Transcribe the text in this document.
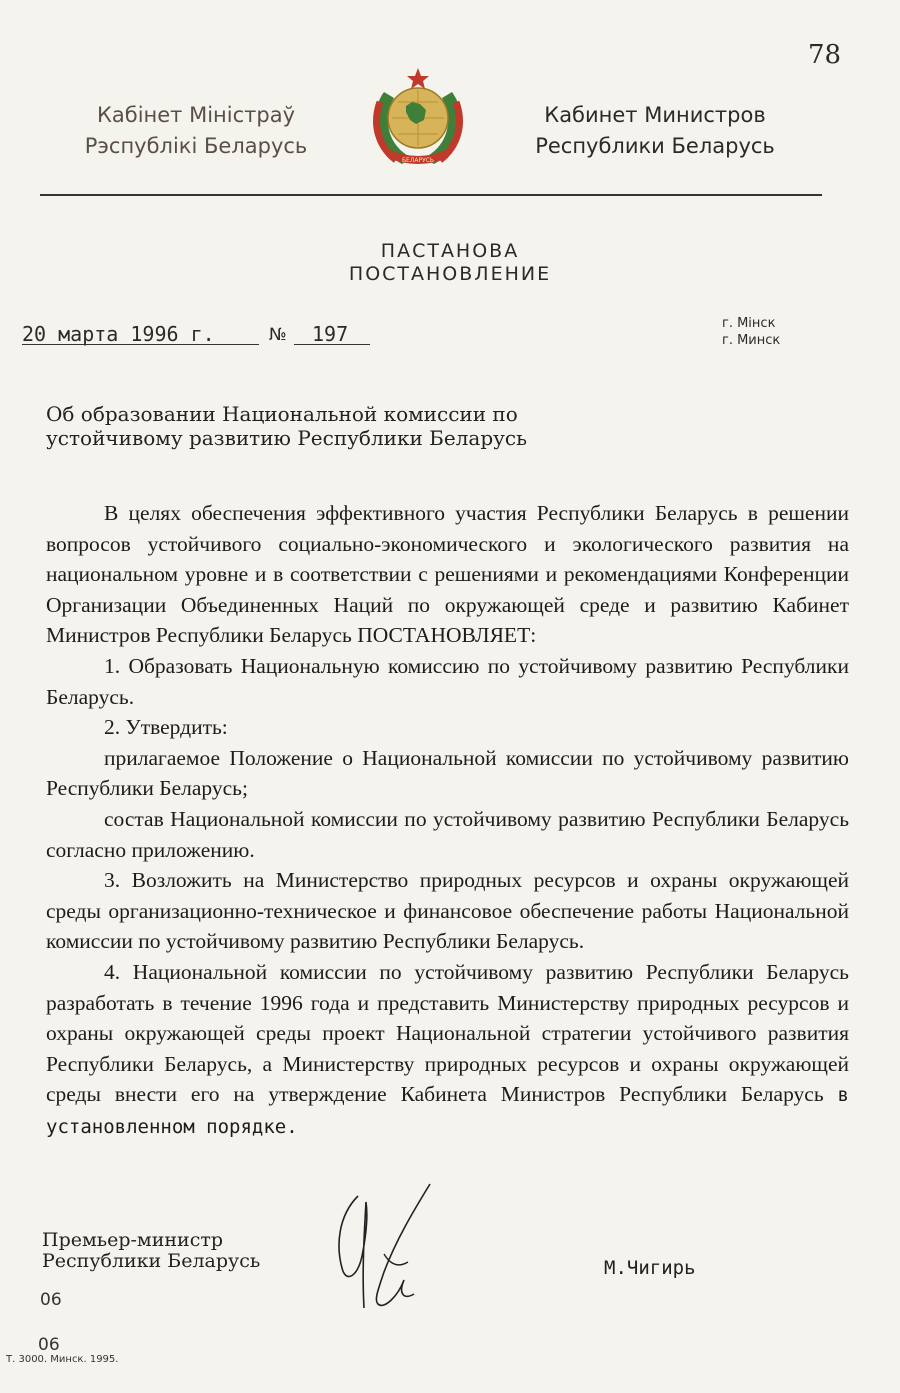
78
Кабінет Міністраў
Рэспублікі Беларусь
БЕЛАРУСЬ
Кабинет Министров
Республики Беларусь
ПАСТАНОВА
ПОСТАНОВЛЕНИЕ
20 марта 1996 г.	№ 197	г. Мінск
г. Минск
Об образовании Национальной комиссии по
устойчивому развитию Республики Беларусь

В целях обеспечения эффективного участия Республики Беларусь в решении вопросов устойчивого социально-экономического и экологического развития на национальном уровне и в соответствии с решениями и рекомендациями Конференции Организации Объединенных Наций по окружающей среде и развитию Кабинет Министров Республики Беларусь ПОСТАНОВЛЯЕТ:

1. Образовать Национальную комиссию по устойчивому развитию Республики Беларусь.

2. Утвердить:

прилагаемое Положение о Национальной комиссии по устойчивому развитию Республики Беларусь;

состав Национальной комиссии по устойчивому развитию Республики Беларусь согласно приложению.

3. Возложить на Министерство природных ресурсов и охраны окружающей среды организационно-техническое и финансовое обеспечение работы Национальной комиссии по устойчивому развитию Республики Беларусь.

4. Национальной комиссии по устойчивому развитию Республики Беларусь разработать в течение 1996 года и представить Министерству природных ресурсов и охраны окружающей среды проект Национальной стратегии устойчивого развития Республики Беларусь, а Министерству природных ресурсов и охраны окружающей среды внести его на утверждение Кабинета Министров Республики Беларусь в установленном порядке.

Премьер-министр
Республики Беларусь	М.Чигирь
06
06
Т. 3000. Минск. 1995.
